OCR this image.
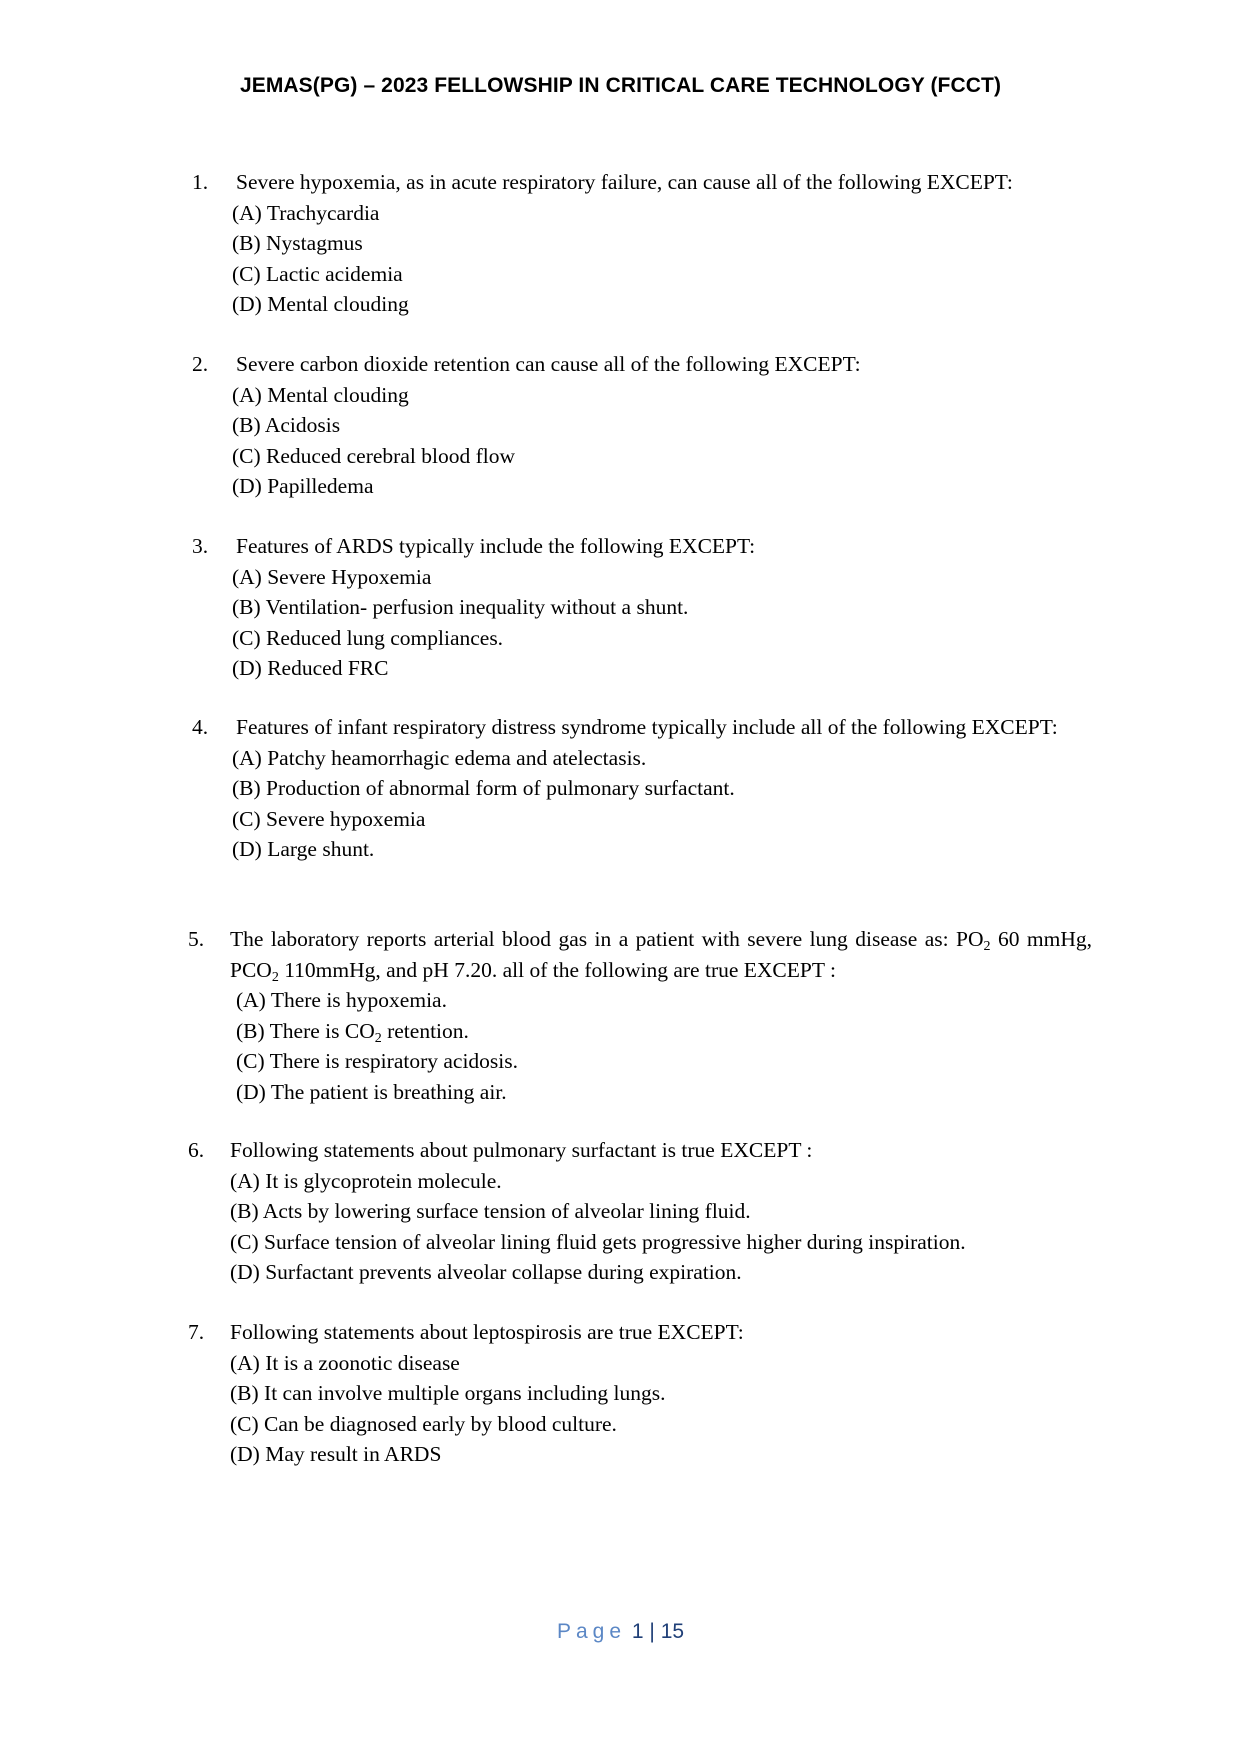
JEMAS(PG) – 2023 FELLOWSHIP IN CRITICAL CARE TECHNOLOGY (FCCT)
1. Severe hypoxemia, as in acute respiratory failure, can cause all of the following EXCEPT:
(A) Trachycardia
(B) Nystagmus
(C) Lactic acidemia
(D) Mental clouding
2. Severe carbon dioxide retention can cause all of the following EXCEPT:
(A) Mental clouding
(B) Acidosis
(C) Reduced cerebral blood flow
(D) Papilledema
3. Features of ARDS typically include the following EXCEPT:
(A) Severe Hypoxemia
(B) Ventilation- perfusion inequality without a shunt.
(C) Reduced lung compliances.
(D) Reduced FRC
4. Features of infant respiratory distress syndrome typically include all of the following EXCEPT:
(A) Patchy heamorrhagic edema and atelectasis.
(B) Production of abnormal form of pulmonary surfactant.
(C) Severe hypoxemia
(D) Large shunt.
5. The laboratory reports arterial blood gas in a patient with severe lung disease as: $PO_2$ 60 mmHg, $PCO_2$ 110mmHg, and pH 7.20. all of the following are true EXCEPT :
(A) There is hypoxemia.
(B) There is $CO_2$ retention.
(C) There is respiratory acidosis.
(D) The patient is breathing air.
6. Following statements about pulmonary surfactant is true EXCEPT :
(A) It is glycoprotein molecule.
(B) Acts by lowering surface tension of alveolar lining fluid.
(C) Surface tension of alveolar lining fluid gets progressive higher during inspiration.
(D) Surfactant prevents alveolar collapse during expiration.
7. Following statements about leptospirosis are true EXCEPT:
(A) It is a zoonotic disease
(B) It can involve multiple organs including lungs.
(C) Can be diagnosed early by blood culture.
(D) May result in ARDS
Page 1 | 15
